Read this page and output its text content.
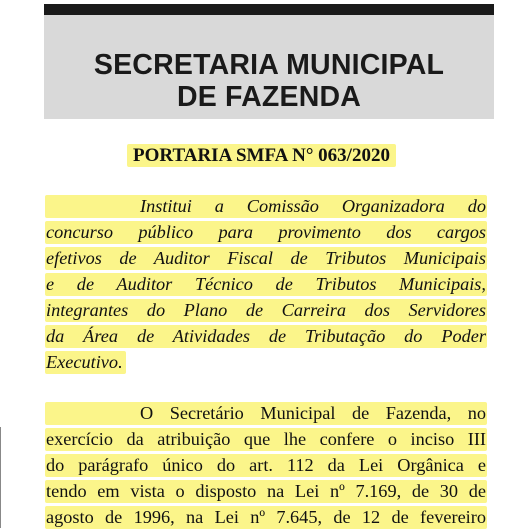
SECRETARIA MUNICIPAL
DE FAZENDA
PORTARIA SMFA N° 063/2020
Institui a Comissão Organizadora do
concurso público para provimento dos cargos
efetivos de Auditor Fiscal de Tributos Municipais
e de Auditor Técnico de Tributos Municipais,
integrantes do Plano de Carreira dos Servidores
da Área de Atividades de Tributação do Poder
Executivo.
O Secretário Municipal de Fazenda, no
exercício da atribuição que lhe confere o inciso III
do parágrafo único do art. 112 da Lei Orgânica e
tendo em vista o disposto na Lei nº 7.169, de 30 de
agosto de 1996, na Lei nº 7.645, de 12 de fevereiro
